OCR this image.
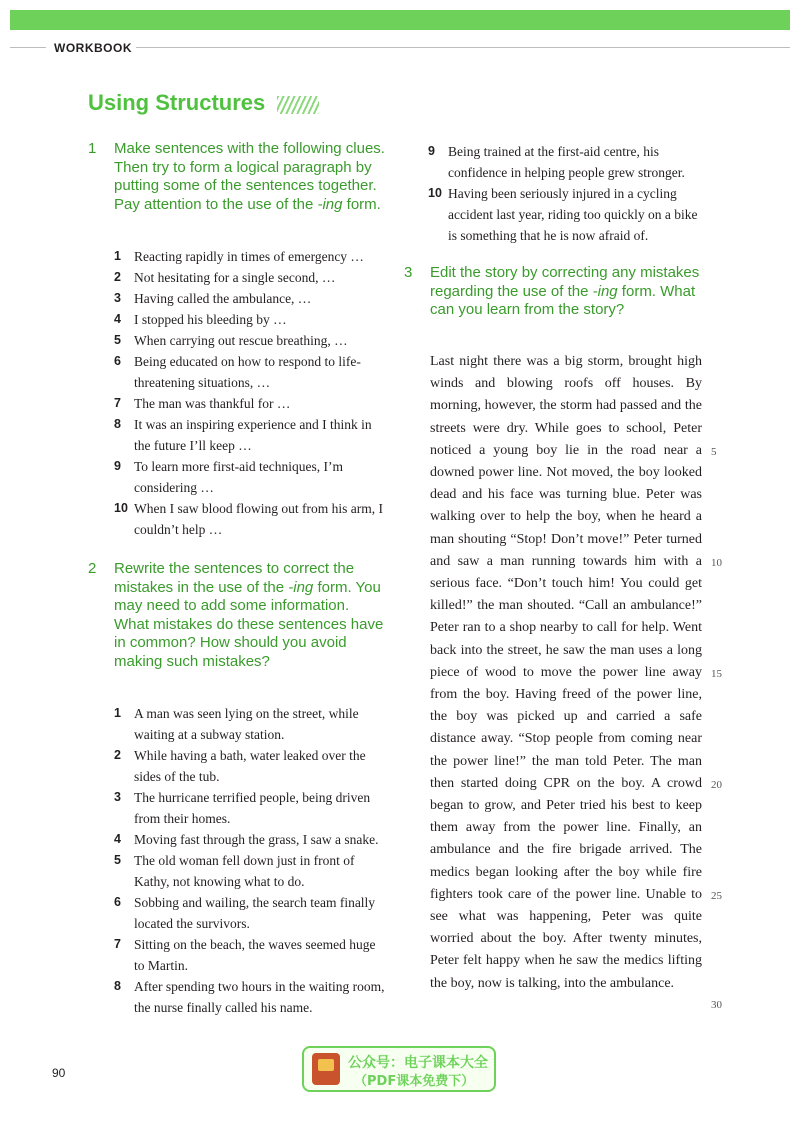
WORKBOOK
Using Structures
1 Make sentences with the following clues. Then try to form a logical paragraph by putting some of the sentences together. Pay attention to the use of the -ing form.
1 Reacting rapidly in times of emergency …
2 Not hesitating for a single second, …
3 Having called the ambulance, …
4 I stopped his bleeding by …
5 When carrying out rescue breathing, …
6 Being educated on how to respond to life-threatening situations, …
7 The man was thankful for …
8 It was an inspiring experience and I think in the future I’ll keep …
9 To learn more first-aid techniques, I’m considering …
10 When I saw blood flowing out from his arm, I couldn’t help …
2 Rewrite the sentences to correct the mistakes in the use of the -ing form. You may need to add some information. What mistakes do these sentences have in common? How should you avoid making such mistakes?
1 A man was seen lying on the street, while waiting at a subway station.
2 While having a bath, water leaked over the sides of the tub.
3 The hurricane terrified people, being driven from their homes.
4 Moving fast through the grass, I saw a snake.
5 The old woman fell down just in front of Kathy, not knowing what to do.
6 Sobbing and wailing, the search team finally located the survivors.
7 Sitting on the beach, the waves seemed huge to Martin.
8 After spending two hours in the waiting room, the nurse finally called his name.
9 Being trained at the first-aid centre, his confidence in helping people grew stronger.
10 Having been seriously injured in a cycling accident last year, riding too quickly on a bike is something that he is now afraid of.
3 Edit the story by correcting any mistakes regarding the use of the -ing form. What can you learn from the story?

Last night there was a big storm, brought high winds and blowing roofs off houses. By morning, however, the storm had passed and the streets were dry. While goes to school, Peter noticed a young boy lie in the road near a downed power line. Not moved, the boy looked dead and his face was turning blue. Peter was walking over to help the boy, when he heard a man shouting “Stop! Don’t move!” Peter turned and saw a man running towards him with a serious face. “Don’t touch him! You could get killed!” the man shouted. “Call an ambulance!” Peter ran to a shop nearby to call for help. Went back into the street, he saw the man uses a long piece of wood to move the power line away from the boy. Having freed of the power line, the boy was picked up and carried a safe distance away. “Stop people from coming near the power line!” the man told Peter. The man then started doing CPR on the boy. A crowd began to grow, and Peter tried his best to keep them away from the power line. Finally, an ambulance and the fire brigade arrived. The medics began looking after the boy while fire fighters took care of the power line. Unable to see what was happening, Peter was quite worried about the boy. After twenty minutes, Peter felt happy when he saw the medics lifting the boy, now is talking, into the ambulance.

5
10
15
20
25
30
90
公众号：电子课本大全
（PDF课本免费下）
